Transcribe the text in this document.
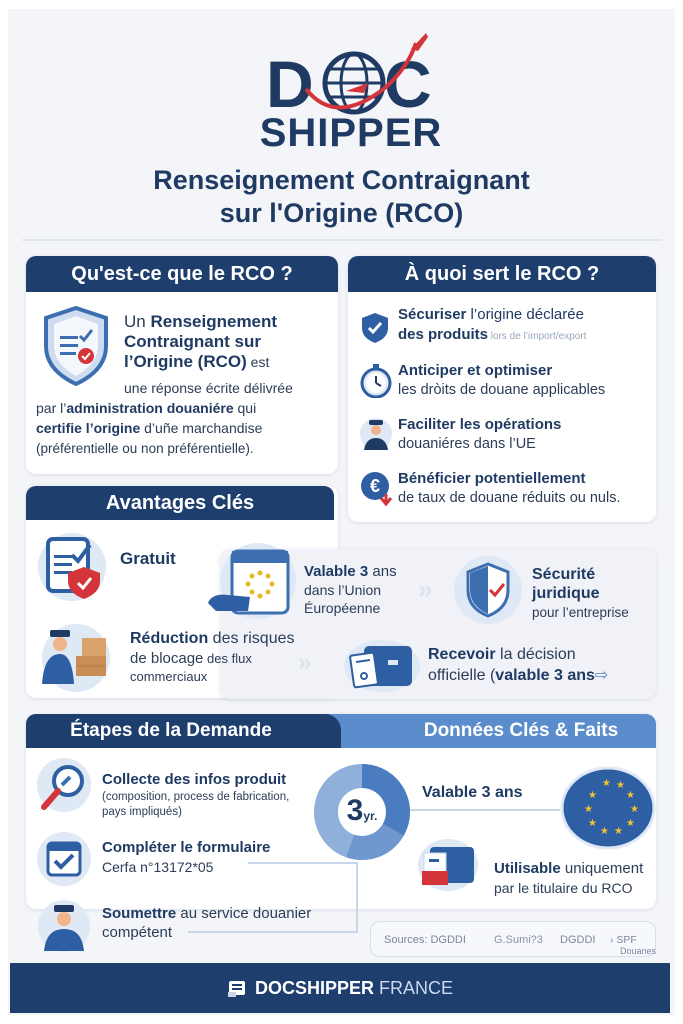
D C
SHIPPER
Renseignement Contraignant
sur l'Origine (RCO)
Qu'est-ce que le RCO ?
Un Renseignement Contraignant sur l’Origine (RCO) est
une réponse écrite délivrée
par l’administration douaniére qui
certifie l’origine d’uñe marchandise
(préférentielle ou non préférentielle).
À quoi sert le RCO ?
Sécuriser l’origine déclarée
des produits lors de l’import/export
Anticiper et optimiser
les dròits de douane applicables
Faciliter les opérations
douaniéres dans l’UE
€ Bénéficier potentiellement
de taux de douane réduits ou nuls.
Avantages Clés
Gratuit
Valable 3 ans
dans l’Union
Éuropéenne
»	Sécurité
juridique
pour l’entreprise
Réduction des risques
de blocage des flux
commerciaux
»	Recevoir la décision
officielle (valable 3 ans⇨
Étapes de la Demande	Données Clés & Faits
Collecte des infos produit
(composition, process de fabrication,
pays impliqués)
Compléter le formulaire
Cerfa n°13172*05
Soumettre au service douanier
compétent
3yr.
Valable 3 ans
★ ★
★
★
★
★
★
★
★
★
Utilisable uniquement
par le titulaire du RCO
Sources: DGDDI	G.Sumi?3 DGDDI › SPF
Douanes
DOCSHIPPER FRANCE
